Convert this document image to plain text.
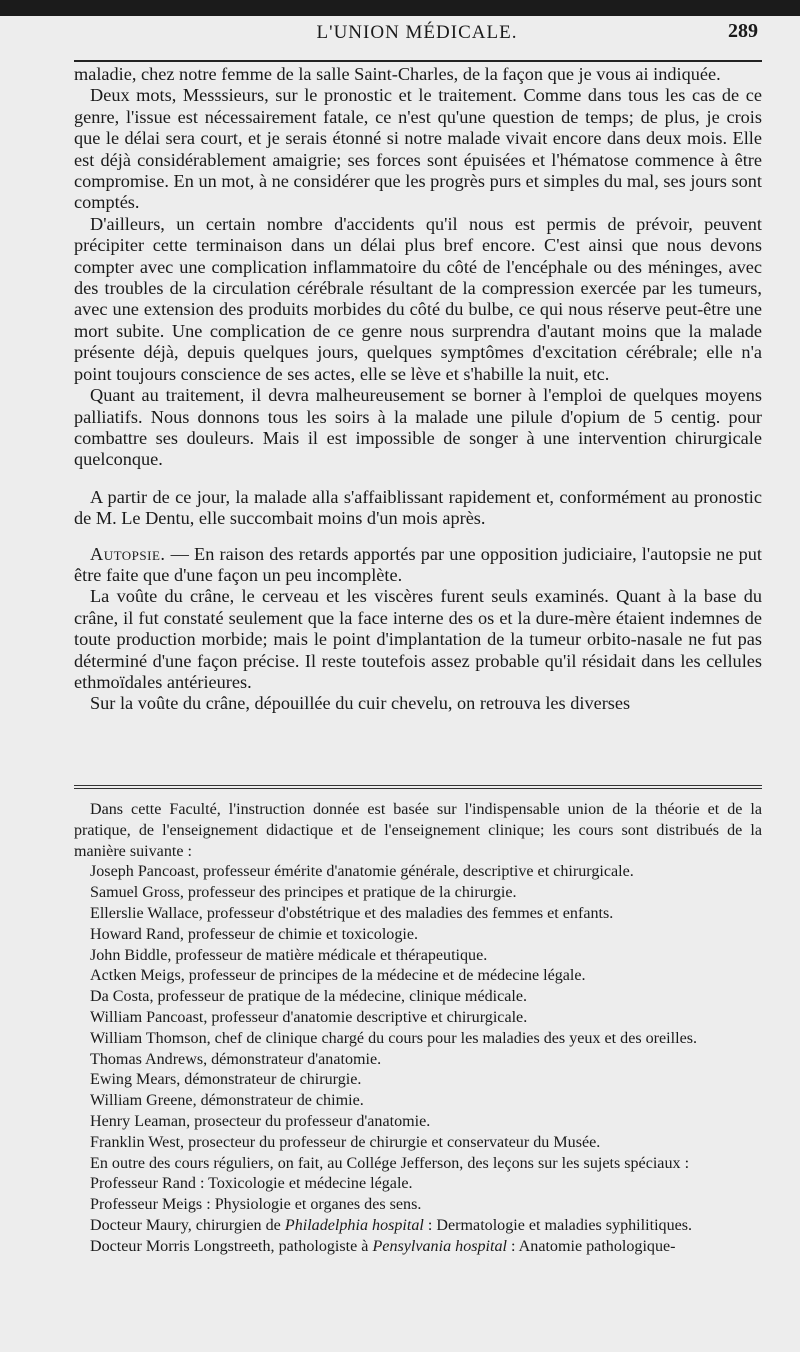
L'UNION MÉDICALE.	289

maladie, chez notre femme de la salle Saint-Charles, de la façon que je vous ai indiquée.

Deux mots, Messsieurs, sur le pronostic et le traitement. Comme dans tous les cas de ce genre, l'issue est nécessairement fatale, ce n'est qu'une question de temps; de plus, je crois que le délai sera court, et je serais étonné si notre malade vivait encore dans deux mois. Elle est déjà considérablement amaigrie; ses forces sont épuisées et l'hématose commence à être compromise. En un mot, à ne considérer que les progrès purs et simples du mal, ses jours sont comptés.

D'ailleurs, un certain nombre d'accidents qu'il nous est permis de prévoir, peuvent précipiter cette terminaison dans un délai plus bref encore. C'est ainsi que nous devons compter avec une complication inflammatoire du côté de l'encéphale ou des méninges, avec des troubles de la circulation cérébrale résultant de la compression exercée par les tumeurs, avec une extension des produits morbides du côté du bulbe, ce qui nous réserve peut-être une mort subite. Une complication de ce genre nous surprendra d'autant moins que la malade présente déjà, depuis quelques jours, quelques symptômes d'excitation cérébrale; elle n'a point toujours conscience de ses actes, elle se lève et s'habille la nuit, etc.

Quant au traitement, il devra malheureusement se borner à l'emploi de quelques moyens palliatifs. Nous donnons tous les soirs à la malade une pilule d'opium de 5 centig. pour combattre ses douleurs. Mais il est impossible de songer à une intervention chirurgicale quelconque.

A partir de ce jour, la malade alla s'affaiblissant rapidement et, conformément au pronostic de M. Le Dentu, elle succombait moins d'un mois après.

Autopsie. — En raison des retards apportés par une opposition judiciaire, l'autopsie ne put être faite que d'une façon un peu incomplète.

La voûte du crâne, le cerveau et les viscères furent seuls examinés. Quant à la base du crâne, il fut constaté seulement que la face interne des os et la dure-mère étaient indemnes de toute production morbide; mais le point d'implantation de la tumeur orbito-nasale ne fut pas déterminé d'une façon précise. Il reste toutefois assez probable qu'il résidait dans les cellules ethmoïdales antérieures.

Sur la voûte du crâne, dépouillée du cuir chevelu, on retrouva les diverses

Dans cette Faculté, l'instruction donnée est basée sur l'indispensable union de la théorie et de la pratique, de l'enseignement didactique et de l'enseignement clinique; les cours sont distribués de la manière suivante :

Joseph Pancoast, professeur émérite d'anatomie générale, descriptive et chirurgicale.

Samuel Gross, professeur des principes et pratique de la chirurgie.

Ellerslie Wallace, professeur d'obstétrique et des maladies des femmes et enfants.

Howard Rand, professeur de chimie et toxicologie.

John Biddle, professeur de matière médicale et thérapeutique.

Actken Meigs, professeur de principes de la médecine et de médecine légale.

Da Costa, professeur de pratique de la médecine, clinique médicale.

William Pancoast, professeur d'anatomie descriptive et chirurgicale.

William Thomson, chef de clinique chargé du cours pour les maladies des yeux et des oreilles.

Thomas Andrews, démonstrateur d'anatomie.

Ewing Mears, démonstrateur de chirurgie.

William Greene, démonstrateur de chimie.

Henry Leaman, prosecteur du professeur d'anatomie.

Franklin West, prosecteur du professeur de chirurgie et conservateur du Musée.

En outre des cours réguliers, on fait, au Collége Jefferson, des leçons sur les sujets spéciaux :

Professeur Rand : Toxicologie et médecine légale.

Professeur Meigs : Physiologie et organes des sens.

Docteur Maury, chirurgien de Philadelphia hospital : Dermatologie et maladies syphilitiques.

Docteur Morris Longstreeth, pathologiste à Pensylvania hospital : Anatomie pathologique-
